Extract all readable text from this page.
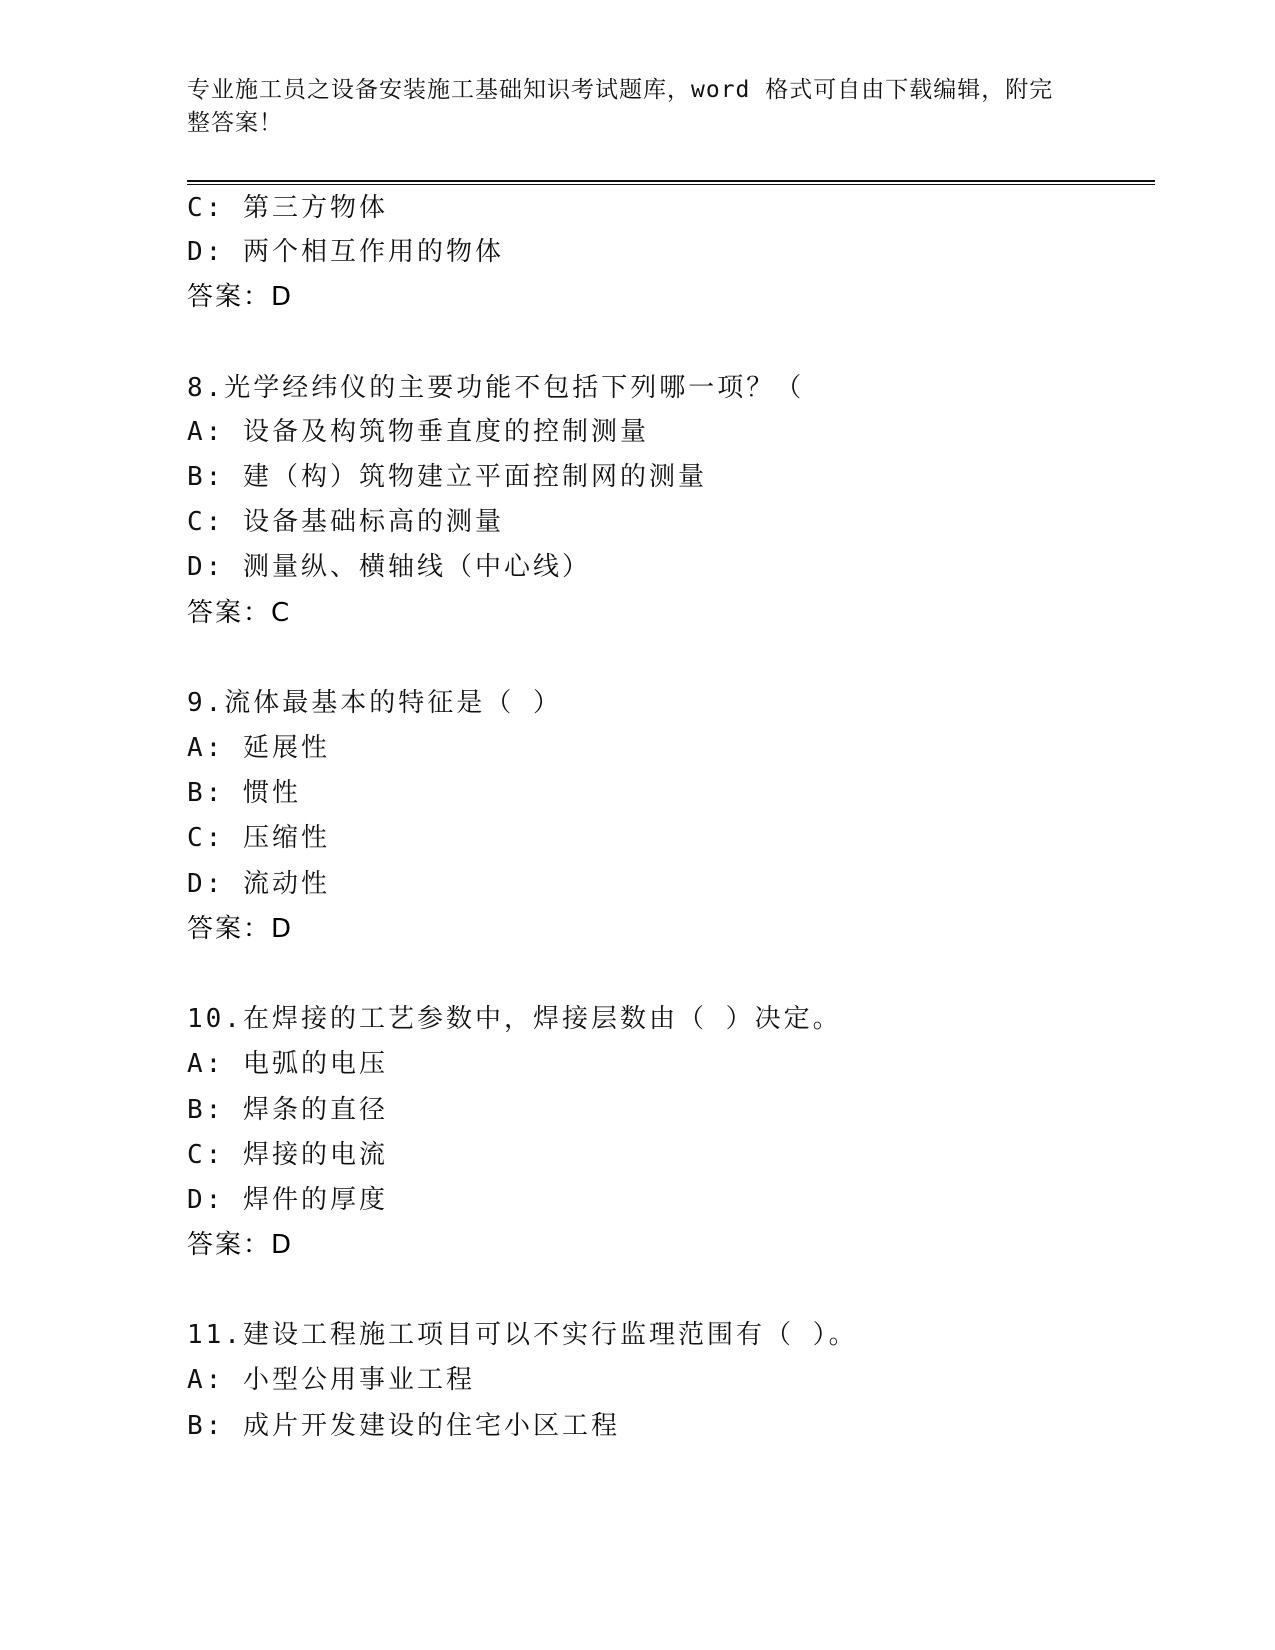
专业施工员之设备安装施工基础知识考试题库，word 格式可自由下载编辑，附完
整答案！
C: 第三方物体
D: 两个相互作用的物体
答案：D
8.光学经纬仪的主要功能不包括下列哪一项？（
A: 设备及构筑物垂直度的控制测量
B: 建（构）筑物建立平面控制网的测量
C: 设备基础标高的测量
D: 测量纵、横轴线（中心线）
答案：C
9.流体最基本的特征是（ ）
A: 延展性
B: 惯性
C: 压缩性
D: 流动性
答案：D
10.在焊接的工艺参数中，焊接层数由（ ）决定。
A: 电弧的电压
B: 焊条的直径
C: 焊接的电流
D: 焊件的厚度
答案：D
11.建设工程施工项目可以不实行监理范围有（ ）。
A: 小型公用事业工程
B: 成片开发建设的住宅小区工程
